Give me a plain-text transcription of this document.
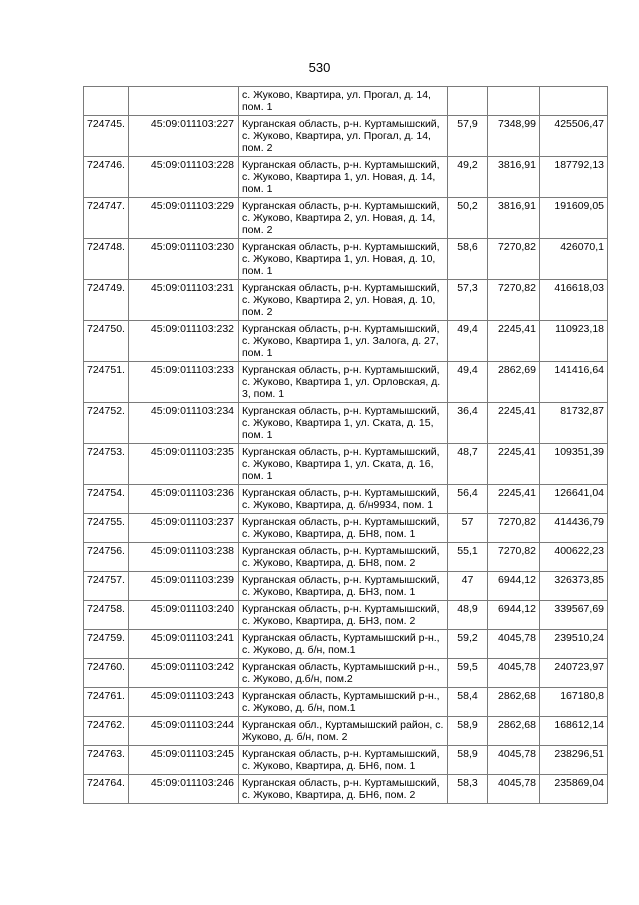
530
		с. Жуково, Квартира, ул. Прогал, д. 14, пом. 1			
724745.	45:09:011103:227	Курганская область, р-н. Куртамышский, с. Жуково, Квартира, ул. Прогал, д. 14, пом. 2	57,9	7348,99	425506,47
724746.	45:09:011103:228	Курганская область, р-н. Куртамышский, с. Жуково, Квартира 1, ул. Новая, д. 14, пом. 1	49,2	3816,91	187792,13
724747.	45:09:011103:229	Курганская область, р-н. Куртамышский, с. Жуково, Квартира 2, ул. Новая, д. 14, пом. 2	50,2	3816,91	191609,05
724748.	45:09:011103:230	Курганская область, р-н. Куртамышский, с. Жуково, Квартира 1, ул. Новая, д. 10, пом. 1	58,6	7270,82	426070,1
724749.	45:09:011103:231	Курганская область, р-н. Куртамышский, с. Жуково, Квартира 2, ул. Новая, д. 10, пом. 2	57,3	7270,82	416618,03
724750.	45:09:011103:232	Курганская область, р-н. Куртамышский, с. Жуково, Квартира 1, ул. Залога, д. 27, пом. 1	49,4	2245,41	110923,18
724751.	45:09:011103:233	Курганская область, р-н. Куртамышский, с. Жуково, Квартира 1, ул. Орловская, д. 3, пом. 1	49,4	2862,69	141416,64
724752.	45:09:011103:234	Курганская область, р-н. Куртамышский, с. Жуково, Квартира 1, ул. Ската, д. 15, пом. 1	36,4	2245,41	81732,87
724753.	45:09:011103:235	Курганская область, р-н. Куртамышский, с. Жуково, Квартира 1, ул. Ската, д. 16, пом. 1	48,7	2245,41	109351,39
724754.	45:09:011103:236	Курганская область, р-н. Куртамышский, с. Жуково, Квартира, д. б/н9934, пом. 1	56,4	2245,41	126641,04
724755.	45:09:011103:237	Курганская область, р-н. Куртамышский, с. Жуково, Квартира, д. БН8, пом. 1	57	7270,82	414436,79
724756.	45:09:011103:238	Курганская область, р-н. Куртамышский, с. Жуково, Квартира, д. БН8, пом. 2	55,1	7270,82	400622,23
724757.	45:09:011103:239	Курганская область, р-н. Куртамышский, с. Жуково, Квартира, д. БН3, пом. 1	47	6944,12	326373,85
724758.	45:09:011103:240	Курганская область, р-н. Куртамышский, с. Жуково, Квартира, д. БН3, пом. 2	48,9	6944,12	339567,69
724759.	45:09:011103:241	Курганская область, Куртамышский р-н., с. Жуково, д. б/н, пом.1	59,2	4045,78	239510,24
724760.	45:09:011103:242	Курганская область, Куртамышский р-н., с. Жуково, д.б/н, пом.2	59,5	4045,78	240723,97
724761.	45:09:011103:243	Курганская область, Куртамышский р-н., с. Жуково, д. б/н, пом.1	58,4	2862,68	167180,8
724762.	45:09:011103:244	Курганская обл., Куртамышский район, с. Жуково, д. б/н, пом. 2	58,9	2862,68	168612,14
724763.	45:09:011103:245	Курганская область, р-н. Куртамышский, с. Жуково, Квартира, д. БН6, пом. 1	58,9	4045,78	238296,51
724764.	45:09:011103:246	Курганская область, р-н. Куртамышский, с. Жуково, Квартира, д. БН6, пом. 2	58,3	4045,78	235869,04
